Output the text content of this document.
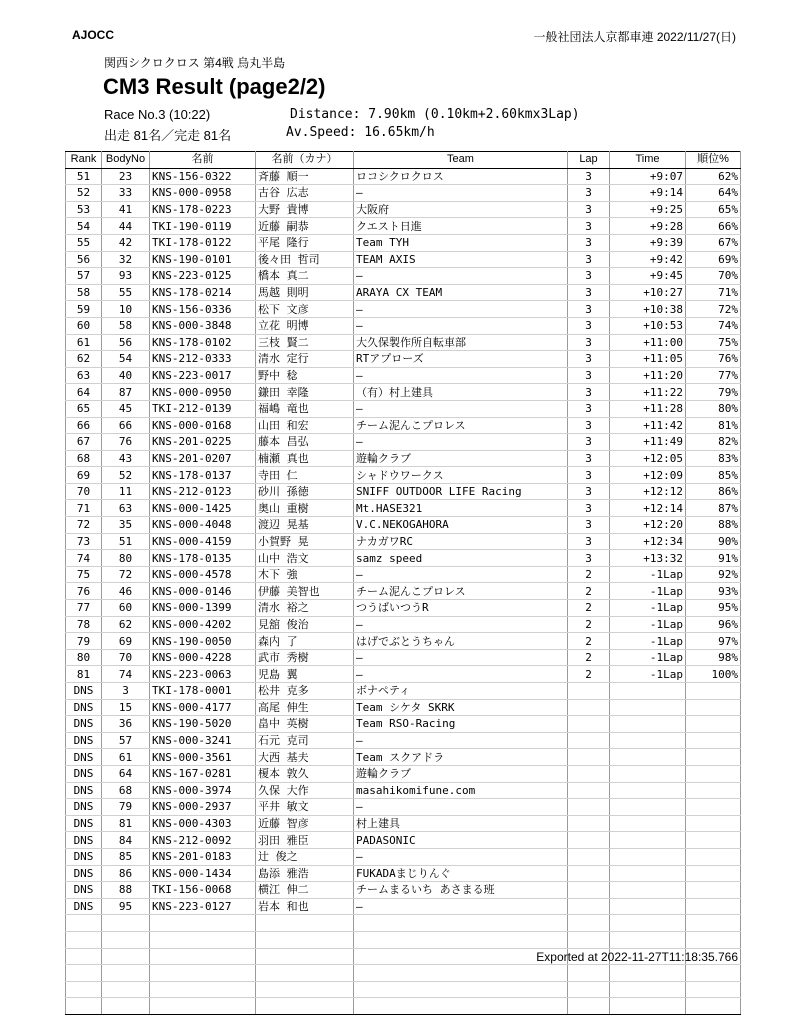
AJOCC	一般社団法人京都車連 2022/11/27(日)
関西シクロクロス 第4戦 烏丸半島
CM3 Result (page2/2)
Race No.3 (10:22)	Distance: 7.90km (0.10km+2.60kmx3Lap)
出走 81名／完走 81名	Av.Speed: 16.65km/h
Rank	BodyNo	名前	名前（カナ）	Team	Lap	Time	順位%
51	23	KNS-156-0322	斉藤 順一	ロコシクロクロス	3	+9:07	62%
52	33	KNS-000-0958	古谷 広志	–	3	+9:14	64%
53	41	KNS-178-0223	大野 貴博	大阪府	3	+9:25	65%
54	44	TKI-190-0119	近藤 嗣恭	クエスト日進	3	+9:28	66%
55	42	TKI-178-0122	平尾 隆行	Team TYH	3	+9:39	67%
56	32	KNS-190-0101	後々田 哲司	TEAM AXIS	3	+9:42	69%
57	93	KNS-223-0125	橋本 真二	–	3	+9:45	70%
58	55	KNS-178-0214	馬越 則明	ARAYA CX TEAM	3	+10:27	71%
59	10	KNS-156-0336	松下 文彦	–	3	+10:38	72%
60	58	KNS-000-3848	立花 明博	–	3	+10:53	74%
61	56	KNS-178-0102	三枝 賢二	大久保製作所自転車部	3	+11:00	75%
62	54	KNS-212-0333	清水 定行	RTアプローズ	3	+11:05	76%
63	40	KNS-223-0017	野中 稔	–	3	+11:20	77%
64	87	KNS-000-0950	鎌田 幸隆	（有）村上建具	3	+11:22	79%
65	45	TKI-212-0139	福嶋 竜也	–	3	+11:28	80%
66	66	KNS-000-0168	山田 和宏	チーム泥んこプロレス	3	+11:42	81%
67	76	KNS-201-0225	藤本 昌弘	–	3	+11:49	82%
68	43	KNS-201-0207	楠瀬 真也	遊輪クラブ	3	+12:05	83%
69	52	KNS-178-0137	寺田 仁	シャドウワークス	3	+12:09	85%
70	11	KNS-212-0123	砂川 孫徳	SNIFF OUTDOOR LIFE Racing	3	+12:12	86%
71	63	KNS-000-1425	奥山 重樹	Mt.HASE321	3	+12:14	87%
72	35	KNS-000-4048	渡辺 晃基	V.C.NEKOGAHORA	3	+12:20	88%
73	51	KNS-000-4159	小賀野 晃	ナカガワRC	3	+12:34	90%
74	80	KNS-178-0135	山中 浩文	samz speed	3	+13:32	91%
75	72	KNS-000-4578	木下 強	–	2	-1Lap	92%
76	46	KNS-000-0146	伊藤 美智也	チーム泥んこプロレス	2	-1Lap	93%
77	60	KNS-000-1399	清水 裕之	つうばいつうR	2	-1Lap	95%
78	62	KNS-000-4202	見舘 俊治	–	2	-1Lap	96%
79	69	KNS-190-0050	森内 了	はげでぶとうちゃん	2	-1Lap	97%
80	70	KNS-000-4228	武市 秀樹	–	2	-1Lap	98%
81	74	KNS-223-0063	児島 翼	–	2	-1Lap	100%
DNS	3	TKI-178-0001	松井 克多	ボナペティ			
DNS	15	KNS-000-4177	高尾 伸生	Team シケタ SKRK			
DNS	36	KNS-190-5020	畠中 英樹	Team RSO-Racing			
DNS	57	KNS-000-3241	石元 克司	–			
DNS	61	KNS-000-3561	大西 基夫	Team スクアドラ			
DNS	64	KNS-167-0281	榎本 敦久	遊輪クラブ			
DNS	68	KNS-000-3974	久保 大作	masahikomifune.com			
DNS	79	KNS-000-2937	平井 敏文	–			
DNS	81	KNS-000-4303	近藤 智彦	村上建具			
DNS	84	KNS-212-0092	羽田 雅臣	PADASONIC			
DNS	85	KNS-201-0183	辻 俊之	–			
DNS	86	KNS-000-1434	島添 雅浩	FUKADAまじりんぐ			
DNS	88	TKI-156-0068	横江 伸二	チームまるいち あさまる班			
DNS	95	KNS-223-0127	岩本 和也	–			

Exported at 2022-11-27T11:18:35.766
